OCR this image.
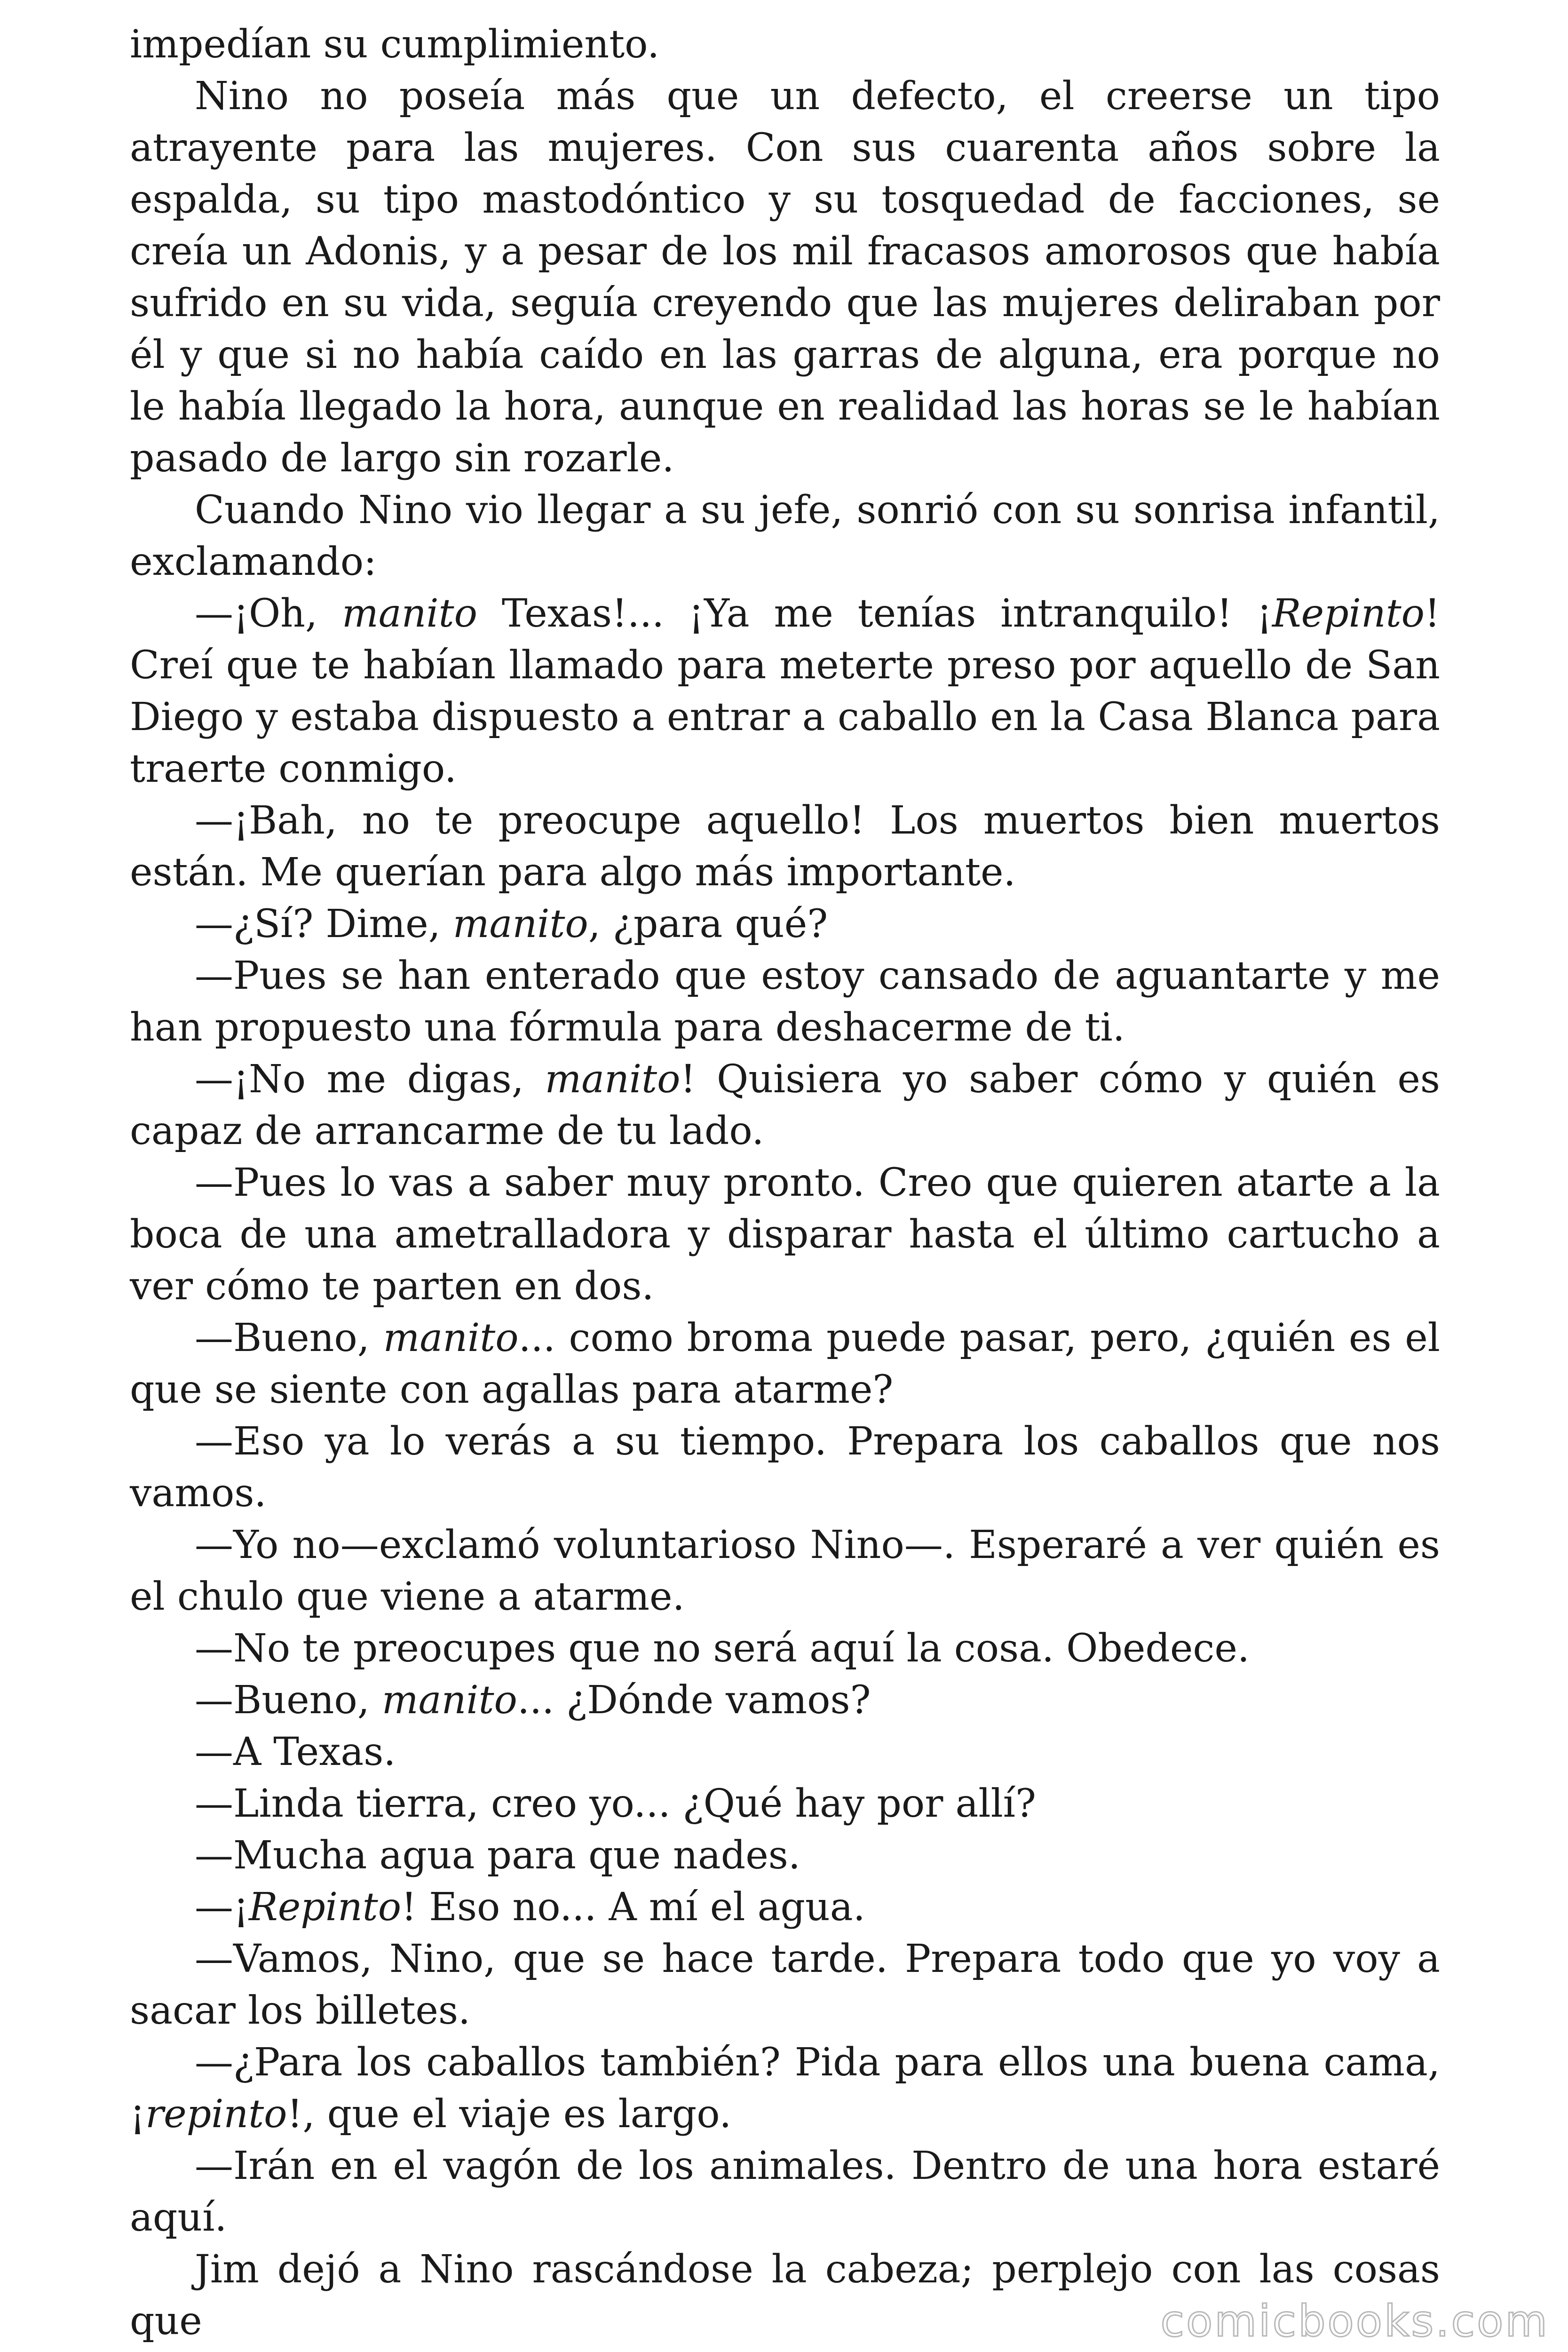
impedían su cumplimiento.

Nino no poseía más que un defecto, el creerse un tipo atrayente para las mujeres. Con sus cuarenta años sobre la espalda, su tipo mastodóntico y su tosquedad de facciones, se creía un Adonis, y a pesar de los mil fracasos amorosos que había sufrido en su vida, seguía creyendo que las mujeres deliraban por él y que si no había caído en las garras de alguna, era porque no le había llegado la hora, aunque en realidad las horas se le habían pasado de largo sin rozarle.

Cuando Nino vio llegar a su jefe, sonrió con su sonrisa infantil, exclamando:

—¡Oh, manito Texas!... ¡Ya me tenías intranquilo! ¡Repinto! Creí que te habían llamado para meterte preso por aquello de San Diego y estaba dispuesto a entrar a caballo en la Casa Blanca para traerte conmigo.

—¡Bah, no te preocupe aquello! Los muertos bien muertos están. Me querían para algo más importante.

—¿Sí? Dime, manito, ¿para qué?

—Pues se han enterado que estoy cansado de aguantarte y me han propuesto una fórmula para deshacerme de ti.

—¡No me digas, manito! Quisiera yo saber cómo y quién es capaz de arrancarme de tu lado.

—Pues lo vas a saber muy pronto. Creo que quieren atarte a la boca de una ametralladora y disparar hasta el último cartucho a ver cómo te parten en dos.

—Bueno, manito... como broma puede pasar, pero, ¿quién es el que se siente con agallas para atarme?

—Eso ya lo verás a su tiempo. Prepara los caballos que nos vamos.

—Yo no—exclamó voluntarioso Nino—. Esperaré a ver quién es el chulo que viene a atarme.

—No te preocupes que no será aquí la cosa. Obedece.

—Bueno, manito... ¿Dónde vamos?

—A Texas.

—Linda tierra, creo yo... ¿Qué hay por allí?

—Mucha agua para que nades.

—¡Repinto! Eso no... A mí el agua.

—Vamos, Nino, que se hace tarde. Prepara todo que yo voy a sacar los billetes.

—¿Para los caballos también? Pida para ellos una buena cama, ¡repinto!, que el viaje es largo.

—Irán en el vagón de los animales. Dentro de una hora estaré aquí.

Jim dejó a Nino rascándose la cabeza; perplejo con las cosas que	comicbooks.com
